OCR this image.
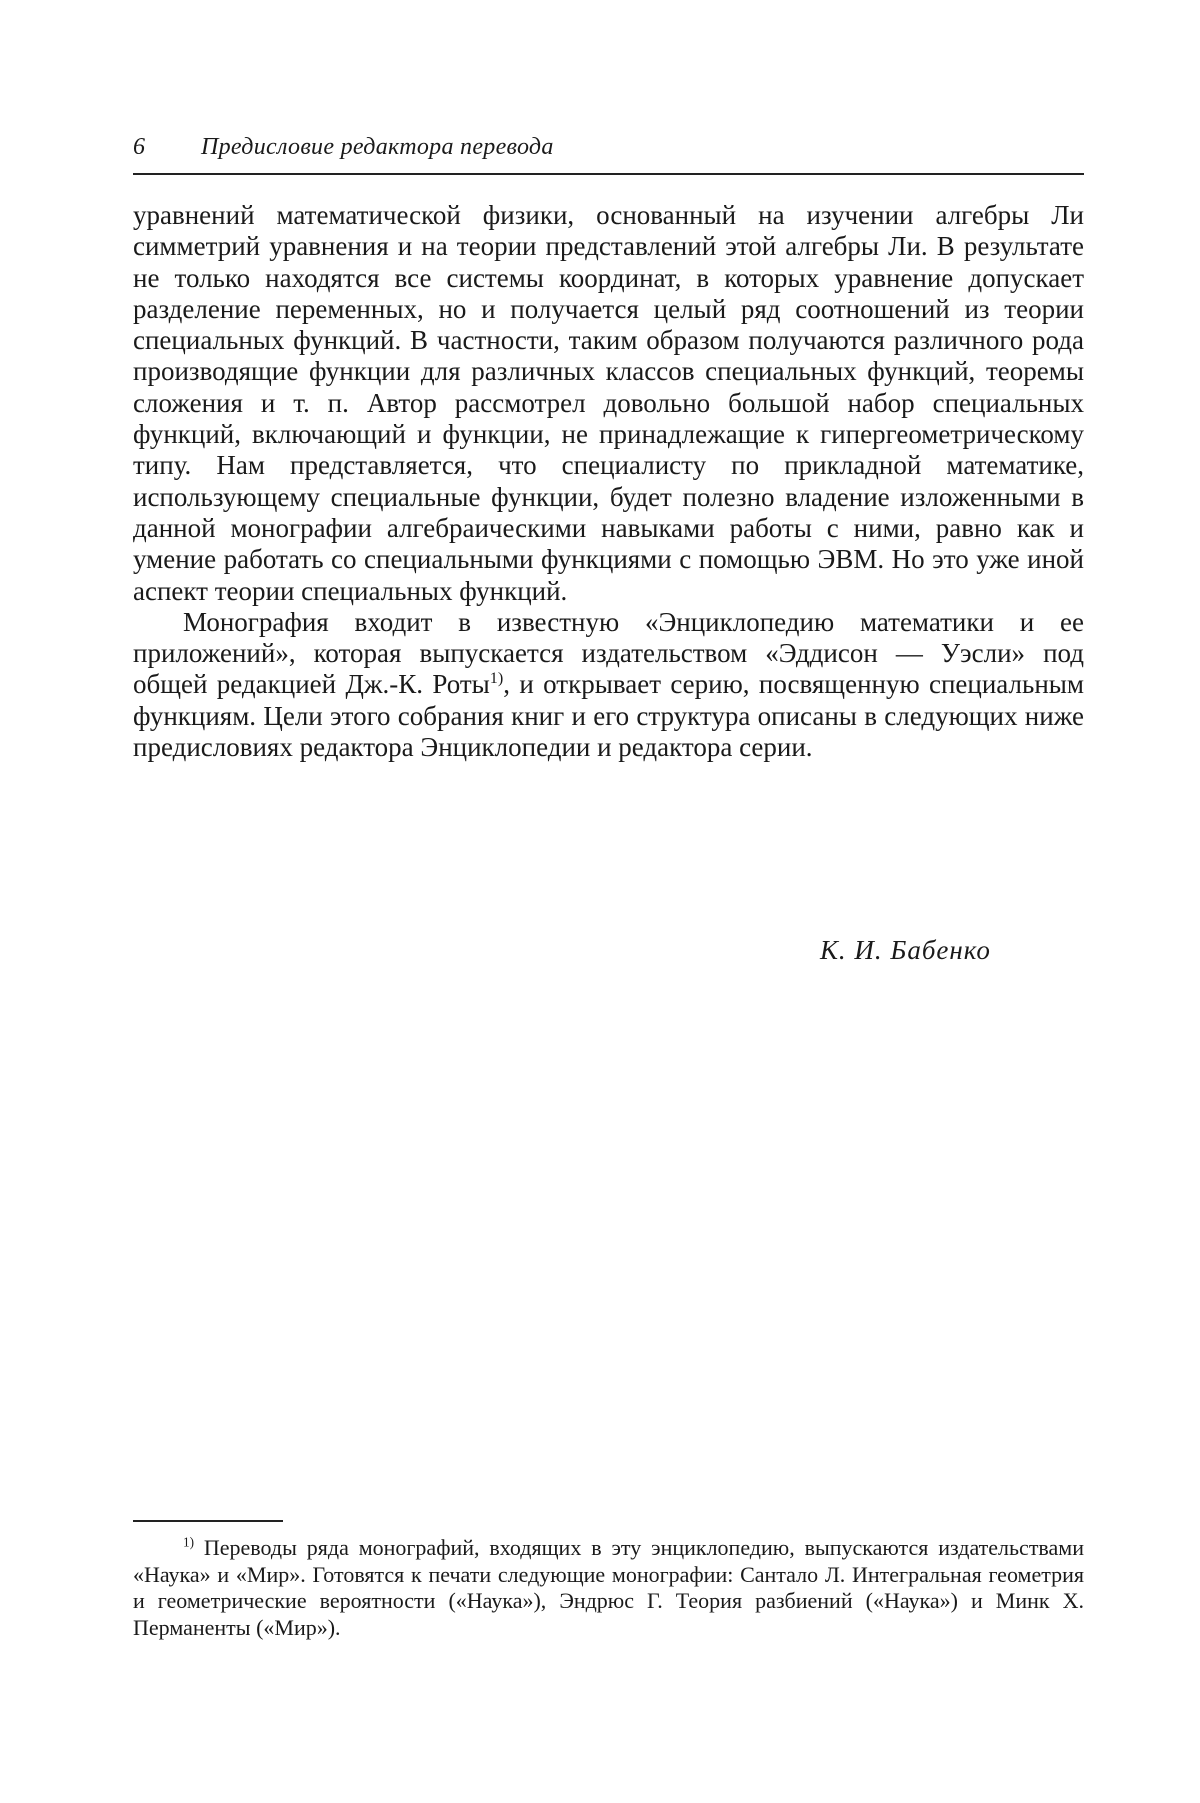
6 Предисловие редактора перевода

уравнений математической физики, основанный на изучении алгебры Ли симметрий уравнения и на теории представлений этой алгебры Ли. В результате не только находятся все системы координат, в которых уравнение допускает разделение переменных, но и получается целый ряд соотношений из теории специальных функций. В частности, таким образом получаются различного рода производящие функции для различных классов специальных функций, теоремы сложения и т. п. Автор рассмотрел довольно большой набор специальных функций, включающий и функции, не принадлежащие к гипергеометрическому типу. Нам представляется, что специалисту по прикладной математике, использующему специальные функции, будет полезно владение изложенными в данной монографии алгебраическими навыками работы с ними, равно как и умение работать со специальными функциями с помощью ЭВМ. Но это уже иной аспект теории специальных функций.

Монография входит в известную «Энциклопедию математики и ее приложений», которая выпускается издательством «Эддисон — Уэсли» под общей редакцией Дж.-К. Роты$^{1)}$, и открывает серию, посвященную специальным функциям. Цели этого собрания книг и его структура описаны в следующих ниже предисловиях редактора Энциклопедии и редактора серии.

К. И. Бабенко

$^{1)}$ Переводы ряда монографий, входящих в эту энциклопедию, выпускаются издательствами «Наука» и «Мир». Готовятся к печати следующие монографии: Сантало Л. Интегральная геометрия и геометрические вероятности («Наука»), Эндрюс Г. Теория разбиений («Наука») и Минк Х. Перманенты («Мир»).
